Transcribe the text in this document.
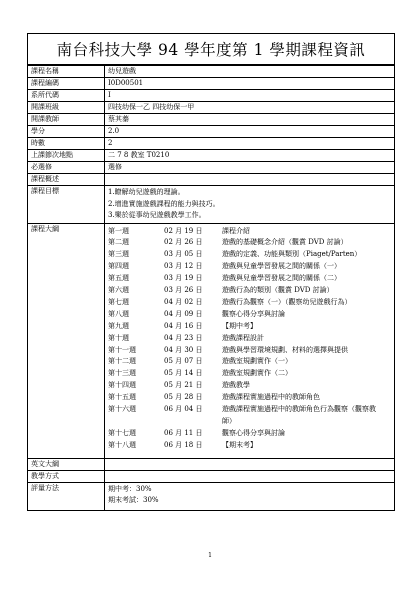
南台科技大學 94 學年度第 1 學期課程資訊
課程名稱	幼兒遊戲
課程編碼	I0D00501
系所代碼	I
開課班級	四技幼保一乙 四技幼保一甲
開課教師	蔡其蓁
學分	2.0
時數	2
上課節次地點	二 7 8 教室 T0210
必選修	選修
課程概述	
課程目標	1.瞭解幼兒遊戲的理論。
2.增進實施遊戲課程的能力與技巧。
3.樂於從事幼兒遊戲教學工作。

課程大綱		第一週	02 月 19 日	課程介紹
第二週	02 月 26 日	遊戲的基礎概念介紹（觀賞 DVD 討論）
第三週	03 月 05 日	遊戲的定義、功能與類別（Piaget/Parten）
第四週	03 月 12 日	遊戲與兒童學習發展之間的關係（一）
第五週	03 月 19 日	遊戲與兒童學習發展之間的關係（二）
第六週	03 月 26 日	遊戲行為的類別（觀賞 DVD 討論）
第七週	04 月 02 日	遊戲行為觀察（一）（觀察幼兒遊戲行為）
第八週	04 月 09 日	觀察心得分享與討論
第九週	04 月 16 日	【期中考】
第十週	04 月 23 日	遊戲課程設計
第十一週	04 月 30 日	遊戲與學習環境規劃、材料的選擇與提供
第十二週	05 月 07 日	遊戲室規劃實作（一）
第十三週	05 月 14 日	遊戲室規劃實作（二）
第十四週	05 月 21 日	遊戲教學
第十五週	05 月 28 日	遊戲課程實施過程中的教師角色
第十六週	06 月 04 日	遊戲課程實施過程中的教師角色行為觀察（觀察教師）
第十七週	06 月 11 日	觀察心得分享與討論
第十八週	06 月 18 日	【期末考】

英文大綱	
教學方式	
評量方法	期中考：30%
期末考試：30%
1
